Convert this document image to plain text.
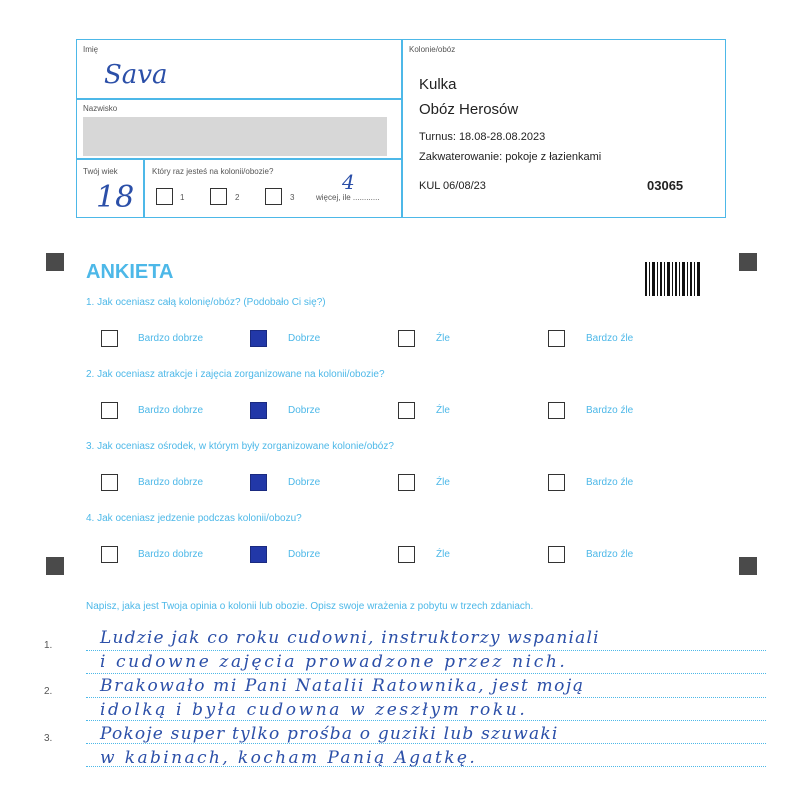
Imię
Sava
Nazwisko
Twój wiek
18
Który raz jesteś na kolonii/obozie?
1	2	3	więcej, ile ............
4
Kolonie/obóz
Kulka
Obóz Herosów
Turnus: 18.08-28.08.2023
Zakwaterowanie: pokoje z łazienkami
KUL 06/08/23	03065
ANKIETA
1. Jak oceniasz całą kolonię/obóz? (Podobało Ci się?)
Bardzo dobrze	Dobrze	Źle	Bardzo źle
2. Jak oceniasz atrakcje i zajęcia zorganizowane na kolonii/obozie?
Bardzo dobrze	Dobrze	Źle	Bardzo źle
3. Jak oceniasz ośrodek, w którym były zorganizowane kolonie/obóz?
Bardzo dobrze	Dobrze	Źle	Bardzo źle
4. Jak oceniasz jedzenie podczas kolonii/obozu?
Bardzo dobrze	Dobrze	Źle	Bardzo źle
Napisz, jaka jest Twoja opinia o kolonii lub obozie. Opisz swoje wrażenia z pobytu w trzech zdaniach.
1.
2.
3.
Ludzie jak co roku cudowni, instruktorzy wspaniali
i cudowne zajęcia prowadzone przez nich.
Brakowało mi Pani Natalii Ratownika, jest moją
idolką i była cudowna w zeszłym roku.
Pokoje super tylko prośba o guziki lub szuwaki
w kabinach, kocham Panią Agatkę.
